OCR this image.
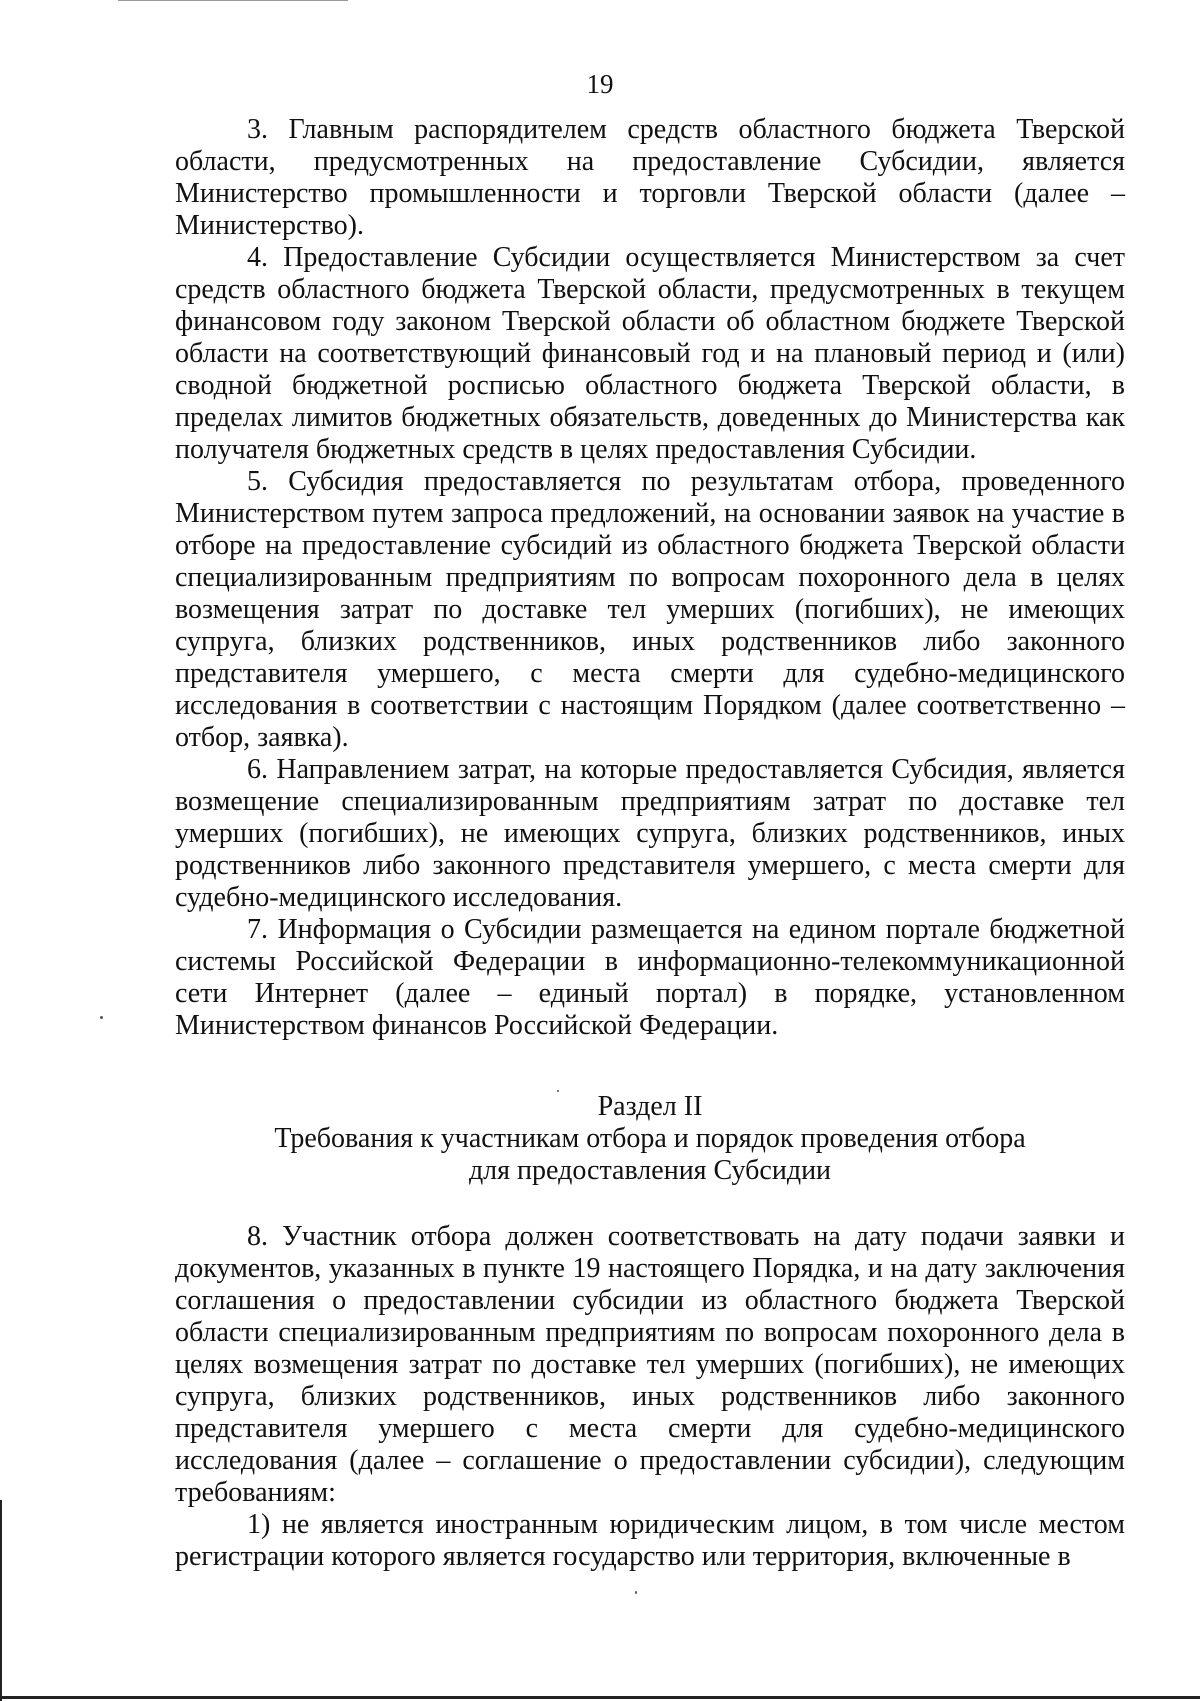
19

3. Главным распорядителем средств областного бюджета Тверской области, предусмотренных на предоставление Субсидии, является Министерство промышленности и торговли Тверской области (далее – Министерство).

4. Предоставление Субсидии осуществляется Министерством за счет средств областного бюджета Тверской области, предусмотренных в текущем финансовом году законом Тверской области об областном бюджете Тверской области на соответствующий финансовый год и на плановый период и (или) сводной бюджетной росписью областного бюджета Тверской области, в пределах лимитов бюджетных обязательств, доведенных до Министерства как получателя бюджетных средств в целях предоставления Субсидии.

5. Субсидия предоставляется по результатам отбора, проведенного Министерством путем запроса предложений, на основании заявок на участие в отборе на предоставление субсидий из областного бюджета Тверской области специализированным предприятиям по вопросам похоронного дела в целях возмещения затрат по доставке тел умерших (погибших), не имеющих супруга, близких родственников, иных родственников либо законного представителя умершего, с места смерти для судебно-медицинского исследования в соответствии с настоящим Порядком (далее соответственно – отбор, заявка).

6. Направлением затрат, на которые предоставляется Субсидия, является возмещение специализированным предприятиям затрат по доставке тел умерших (погибших), не имеющих супруга, близких родственников, иных родственников либо законного представителя умершего, с места смерти для судебно-медицинского исследования.

7. Информация о Субсидии размещается на едином портале бюджетной системы Российской Федерации в информационно-телекоммуникационной сети Интернет (далее – единый портал) в порядке, установленном Министерством финансов Российской Федерации.

Раздел II
Требования к участникам отбора и порядок проведения отбора
для предоставления Субсидии

8. Участник отбора должен соответствовать на дату подачи заявки и документов, указанных в пункте 19 настоящего Порядка, и на дату заключения соглашения о предоставлении субсидии из областного бюджета Тверской области специализированным предприятиям по вопросам похоронного дела в целях возмещения затрат по доставке тел умерших (погибших), не имеющих супруга, близких родственников, иных родственников либо законного представителя умершего с места смерти для судебно-медицинского исследования (далее – соглашение о предоставлении субсидии), следующим требованиям:

1) не является иностранным юридическим лицом, в том числе местом регистрации которого является государство или территория, включенные в
